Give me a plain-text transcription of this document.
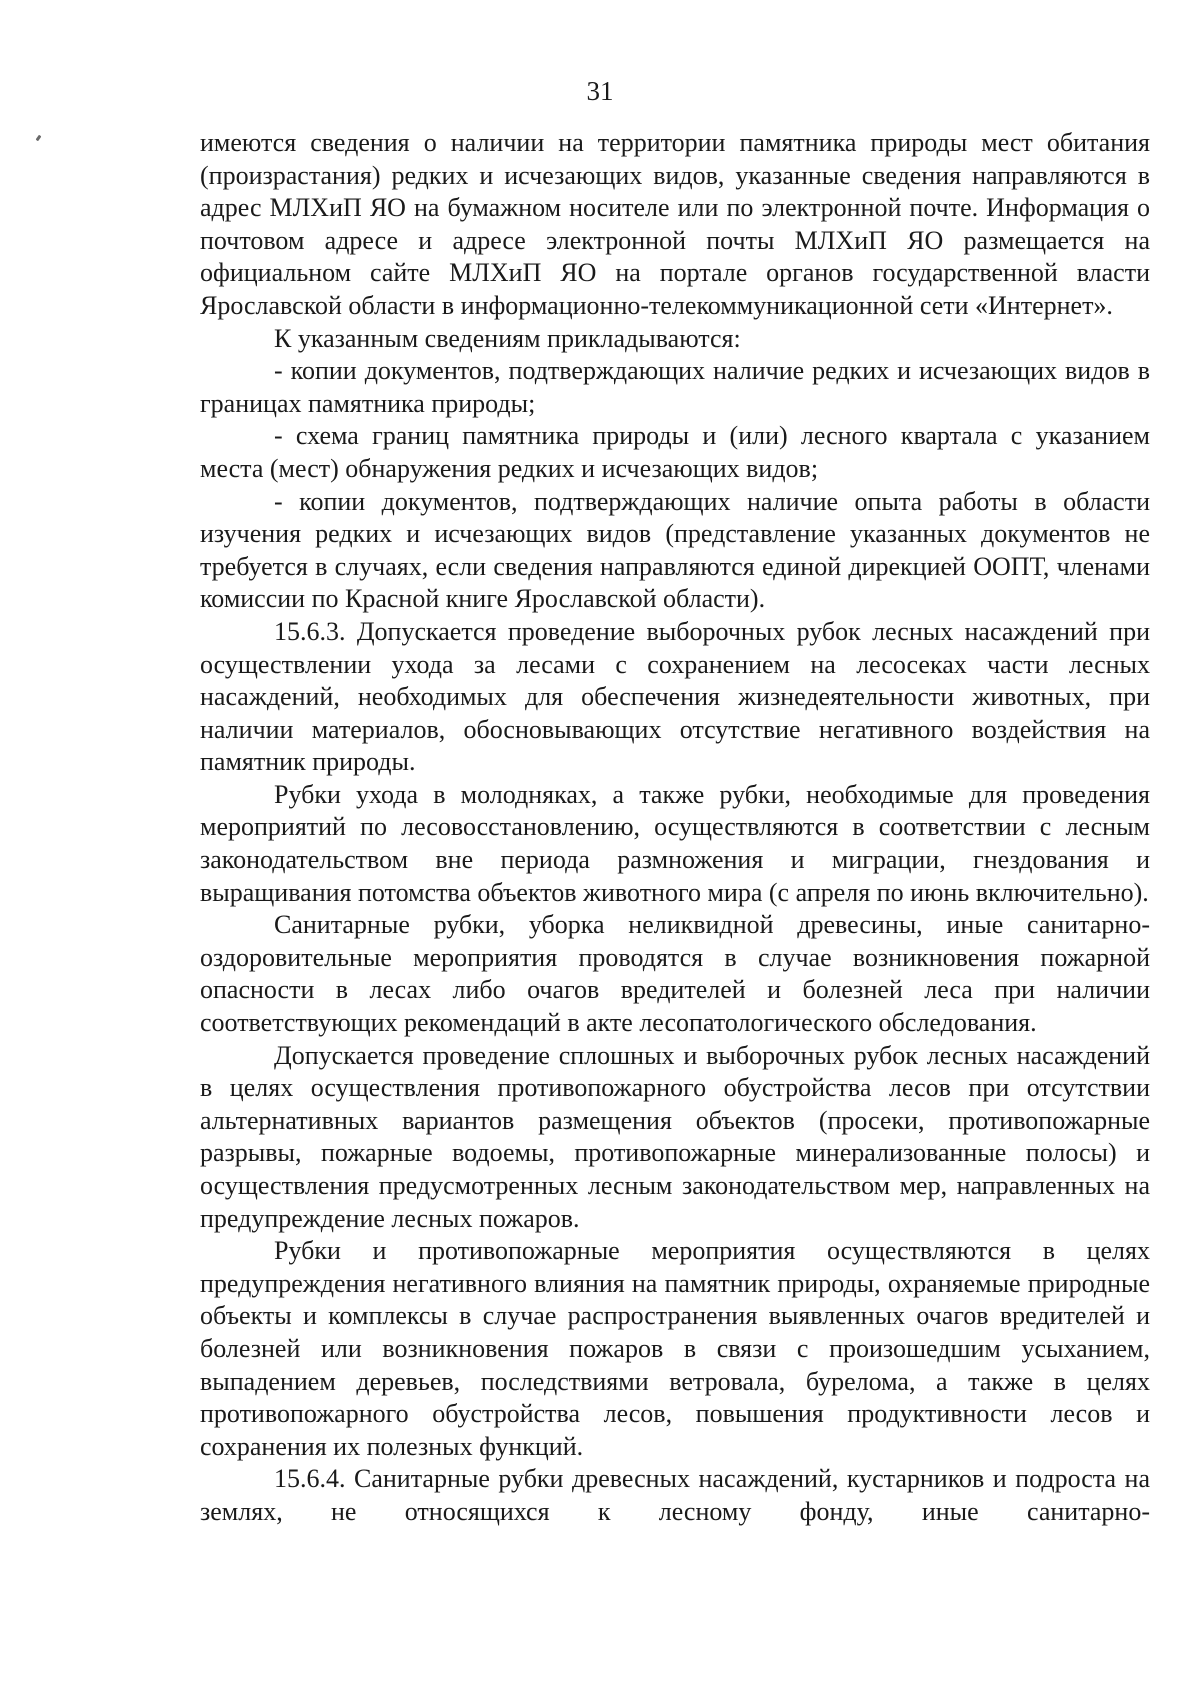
31

имеются сведения о наличии на территории памятника природы мест обитания (произрастания) редких и исчезающих видов, указанные сведения направляются в адрес МЛХиП ЯО на бумажном носителе или по электронной почте. Информация о почтовом адресе и адресе электронной почты МЛХиП ЯО размещается на официальном сайте МЛХиП ЯО на портале органов государственной власти Ярославской области в информационно-телекоммуникационной сети «Интернет».

К указанным сведениям прикладываются:

- копии документов, подтверждающих наличие редких и исчезающих видов в границах памятника природы;

- схема границ памятника природы и (или) лесного квартала с указанием места (мест) обнаружения редких и исчезающих видов;

- копии документов, подтверждающих наличие опыта работы в области изучения редких и исчезающих видов (представление указанных документов не требуется в случаях, если сведения направляются единой дирекцией ООПТ, членами комиссии по Красной книге Ярославской области).

15.6.3. Допускается проведение выборочных рубок лесных насаждений при осуществлении ухода за лесами с сохранением на лесосеках части лесных насаждений, необходимых для обеспечения жизнедеятельности животных, при наличии материалов, обосновывающих отсутствие негативного воздействия на памятник природы.

Рубки ухода в молодняках, а также рубки, необходимые для проведения мероприятий по лесовосстановлению, осуществляются в соответствии с лесным законодательством вне периода размножения и миграции, гнездования и выращивания потомства объектов животного мира (с апреля по июнь включительно).

Санитарные рубки, уборка неликвидной древесины, иные санитарно-оздоровительные мероприятия проводятся в случае возникновения пожарной опасности в лесах либо очагов вредителей и болезней леса при наличии соответствующих рекомендаций в акте лесопатологического обследования.

Допускается проведение сплошных и выборочных рубок лесных насаждений в целях осуществления противопожарного обустройства лесов при отсутствии альтернативных вариантов размещения объектов (просеки, противопожарные разрывы, пожарные водоемы, противопожарные минерализованные полосы) и осуществления предусмотренных лесным законодательством мер, направленных на предупреждение лесных пожаров.

Рубки и противопожарные мероприятия осуществляются в целях предупреждения негативного влияния на памятник природы, охраняемые природные объекты и комплексы в случае распространения выявленных очагов вредителей и болезней или возникновения пожаров в связи с произошедшим усыханием, выпадением деревьев, последствиями ветровала, бурелома, а также в целях противопожарного обустройства лесов, повышения продуктивности лесов и сохранения их полезных функций.

15.6.4. Санитарные рубки древесных насаждений, кустарников и подроста на землях, не относящихся к лесному фонду, иные санитарно-
